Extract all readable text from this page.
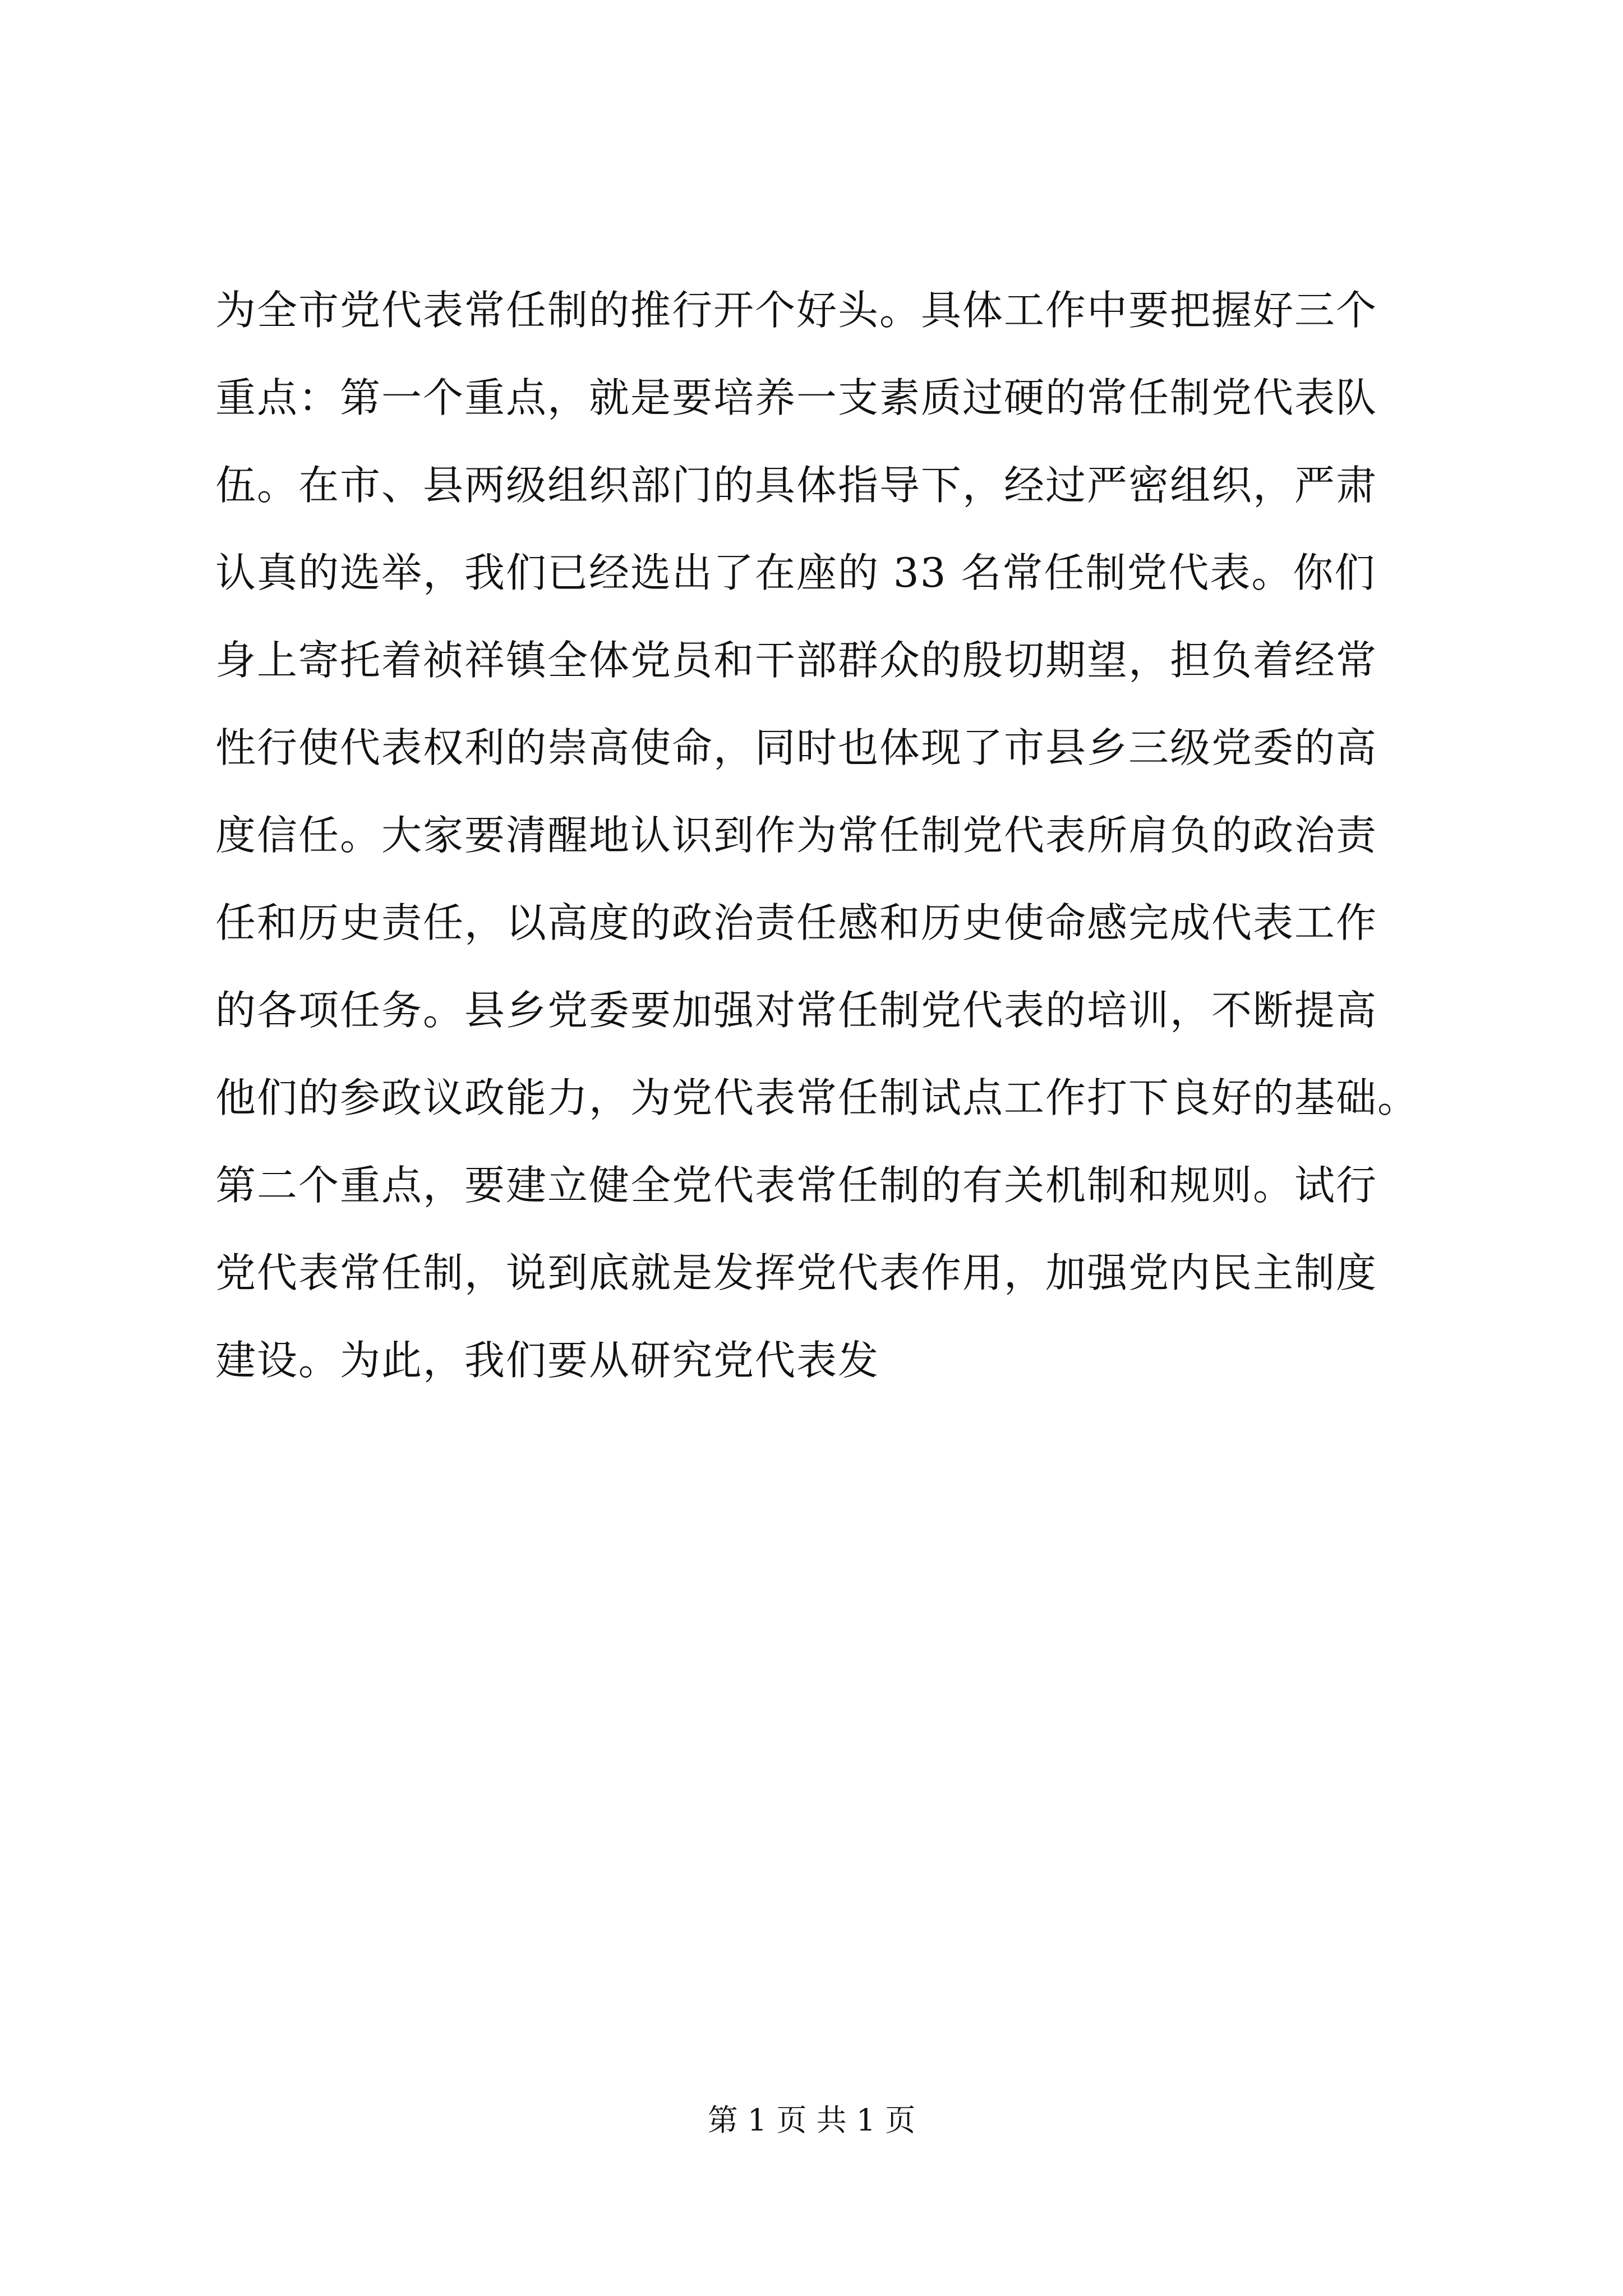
为全市党代表常任制的推行开个好头。具体工作中要把握好三个
重点：第一个重点，就是要培养一支素质过硬的常任制党代表队
伍。在市、县两级组织部门的具体指导下，经过严密组织，严肃
认真的选举，我们已经选出了在座的 33 名常任制党代表。你们
身上寄托着祯祥镇全体党员和干部群众的殷切期望，担负着经常
性行使代表权利的崇高使命，同时也体现了市县乡三级党委的高
度信任。大家要清醒地认识到作为常任制党代表所肩负的政治责
任和历史责任，以高度的政治责任感和历史使命感完成代表工作
的各项任务。县乡党委要加强对常任制党代表的培训，不断提高
他们的参政议政能力，为党代表常任制试点工作打下良好的基础。
第二个重点，要建立健全党代表常任制的有关机制和规则。试行
党代表常任制，说到底就是发挥党代表作用，加强党内民主制度
建设。为此，我们要从研究党代表发
第 1 页 共 1 页
